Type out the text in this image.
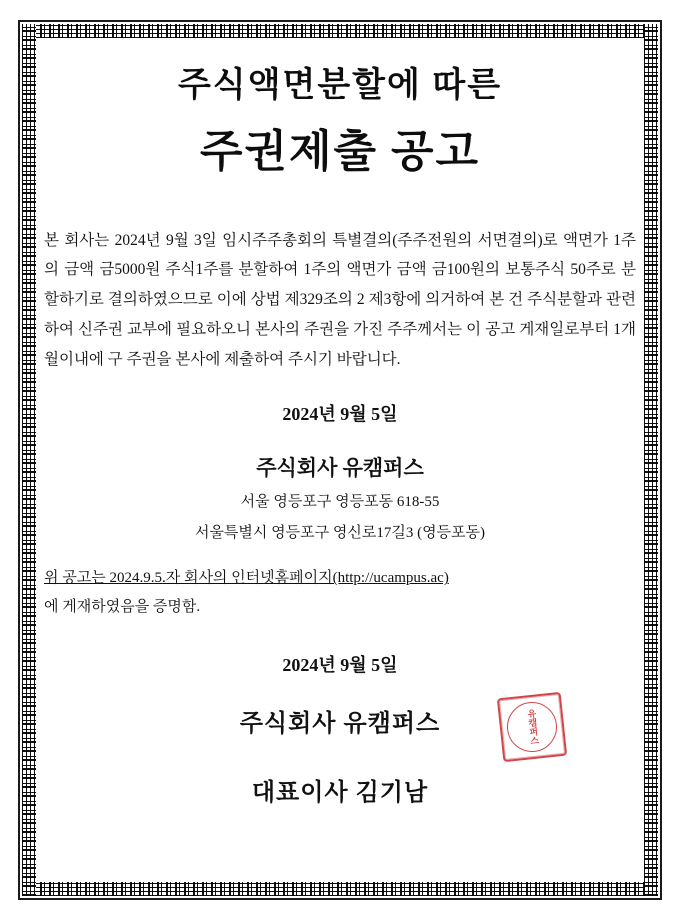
주식액면분할에 따른
주권제출 공고
본 회사는 2024년 9월 3일 임시주주총회의 특별결의(주주전원의 서면결의)로 액면가 1주의 금액 금5000원 주식1주를 분할하여 1주의 액면가 금액 금100원의 보통주식 50주로 분할하기로 결의하였으므로 이에 상법 제329조의 2 제3항에 의거하여 본 건 주식분할과 관련하여 신주권 교부에 필요하오니 본사의 주권을 가진 주주께서는 이 공고 게재일로부터 1개월이내에 구 주권을 본사에 제출하여 주시기 바랍니다.
2024년 9월 5일
주식회사 유캠퍼스
서울 영등포구 영등포동 618-55
서울특별시 영등포구 영신로17길3 (영등포동)
위 공고는 2024.9.5.자 회사의 인터넷홈페이지(http://ucampus.ac)
에 게재하였음을 증명함.
2024년 9월 5일
주식회사 유캠퍼스	유캠퍼스
대표이사 김기남
